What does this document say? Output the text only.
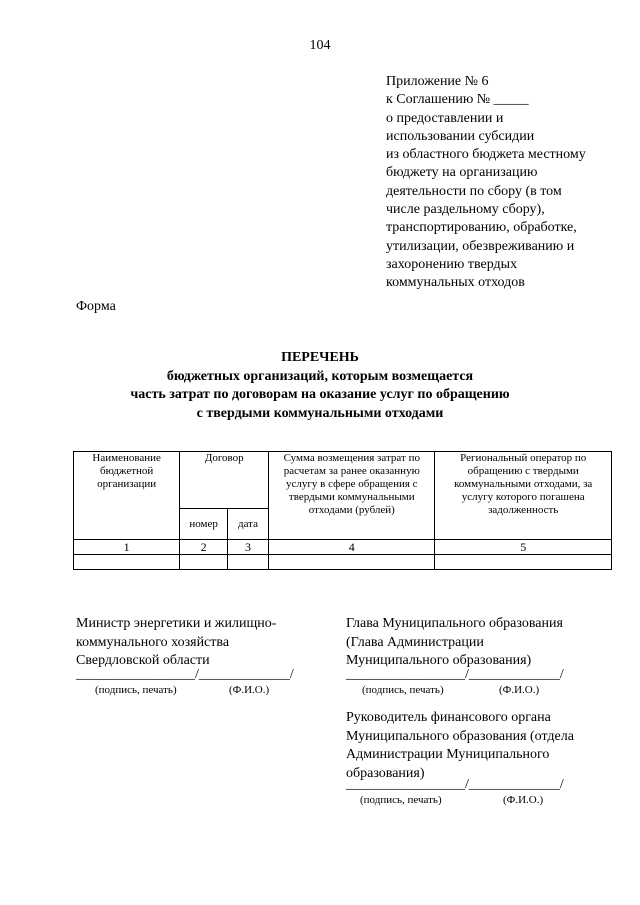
104
Приложение № 6
к Соглашению № _____
о предоставлении и
использовании субсидии
из областного бюджета местному
бюджету на организацию
деятельности по сбору (в том
числе раздельному сбору),
транспортированию, обработке,
утилизации, обезвреживанию и
захоронению твердых
коммунальных отходов
Форма
ПЕРЕЧЕНЬ
бюджетных организаций, которым возмещается
часть затрат по договорам на оказание услуг по обращению
с твердыми коммунальными отходами
Наименование бюджетной организации	Договор		Сумма возмещения затрат по расчетам за ранее оказанную услугу в сфере обращения с твердыми коммунальными отходами (рублей)	Региональный оператор по обращению с твердыми коммунальными отходами, за услугу которого погашена задолженность
	номер	дата		
1	2	3	4	5

Министр энергетики и жилищно-
коммунального хозяйства
Свердловской области
_________________/_____________/
(подпись, печать)	(Ф.И.О.)
Глава Муниципального образования
(Глава Администрации
Муниципального образования)
_________________/_____________/
(подпись, печать)	(Ф.И.О.)
Руководитель финансового органа
Муниципального образования (отдела
Администрации Муниципального
образования)
_________________/_____________/
(подпись, печать)	(Ф.И.О.)
